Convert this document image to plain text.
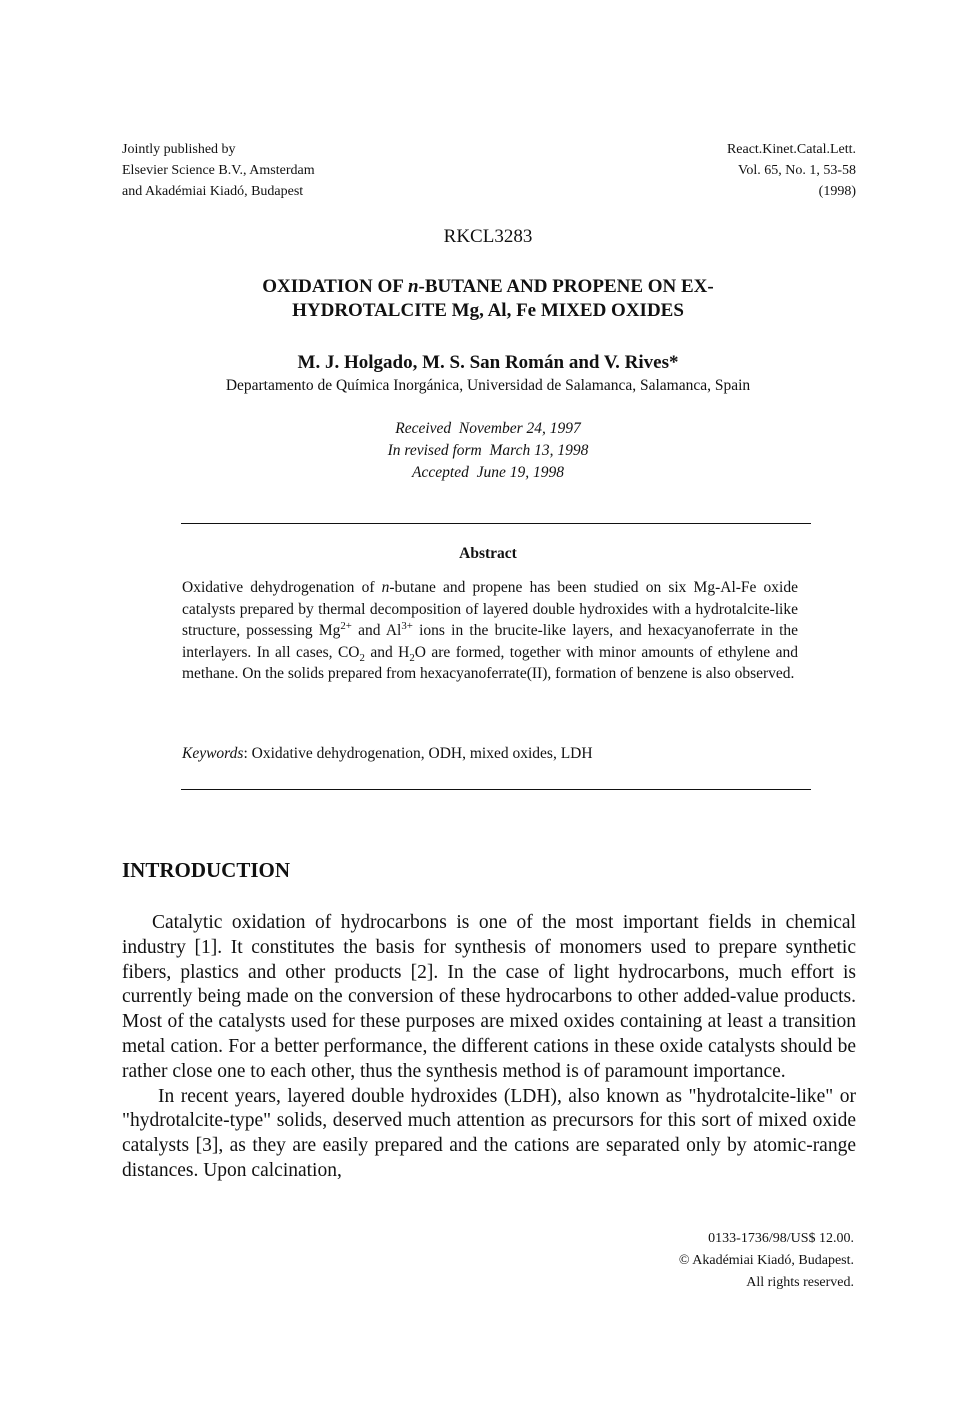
Jointly published by
Elsevier Science B.V., Amsterdam
and Akadémiai Kiadó, Budapest
React.Kinet.Catal.Lett.
Vol. 65, No. 1, 53-58
(1998)
RKCL3283
OXIDATION OF n-BUTANE AND PROPENE ON EX-
HYDROTALCITE Mg, Al, Fe MIXED OXIDES
M. J. Holgado, M. S. San Román and V. Rives*
Departamento de Química Inorgánica, Universidad de Salamanca, Salamanca, Spain
Received  November 24, 1997
In revised form  March 13, 1998
Accepted  June 19, 1998
Abstract
Oxidative dehydrogenation of n-butane and propene has been studied on six Mg-Al-Fe oxide catalysts prepared by thermal decomposition of layered double hydroxides with a hydrotalcite-like structure, possessing $Mg^{2+}$ and $Al^{3+}$ ions in the brucite-like layers, and hexacyanoferrate in the interlayers. In all cases, $CO_2$ and $H_2O$ are formed, together with minor amounts of ethylene and methane. On the solids prepared from hexacyanoferrate(II), formation of benzene is also observed.
Keywords: Oxidative dehydrogenation, ODH, mixed oxides, LDH
INTRODUCTION

Catalytic oxidation of hydrocarbons is one of the most important fields in chemical industry [1]. It constitutes the basis for synthesis of monomers used to prepare synthetic fibers, plastics and other products [2]. In the case of light hydrocarbons, much effort is currently being made on the conversion of these hydrocarbons to other added-value products. Most of the catalysts used for these purposes are mixed oxides containing at least a transition metal cation. For a better performance, the different cations in these oxide catalysts should be rather close one to each other, thus the synthesis method is of paramount importance.

In recent years, layered double hydroxides (LDH), also known as "hydrotalcite-like" or "hydrotalcite-type" solids, deserved much attention as precursors for this sort of mixed oxide catalysts [3], as they are easily prepared and the cations are separated only by atomic-range distances. Upon calcination,

0133-1736/98/US$ 12.00.
© Akadémiai Kiadó, Budapest.
All rights reserved.
